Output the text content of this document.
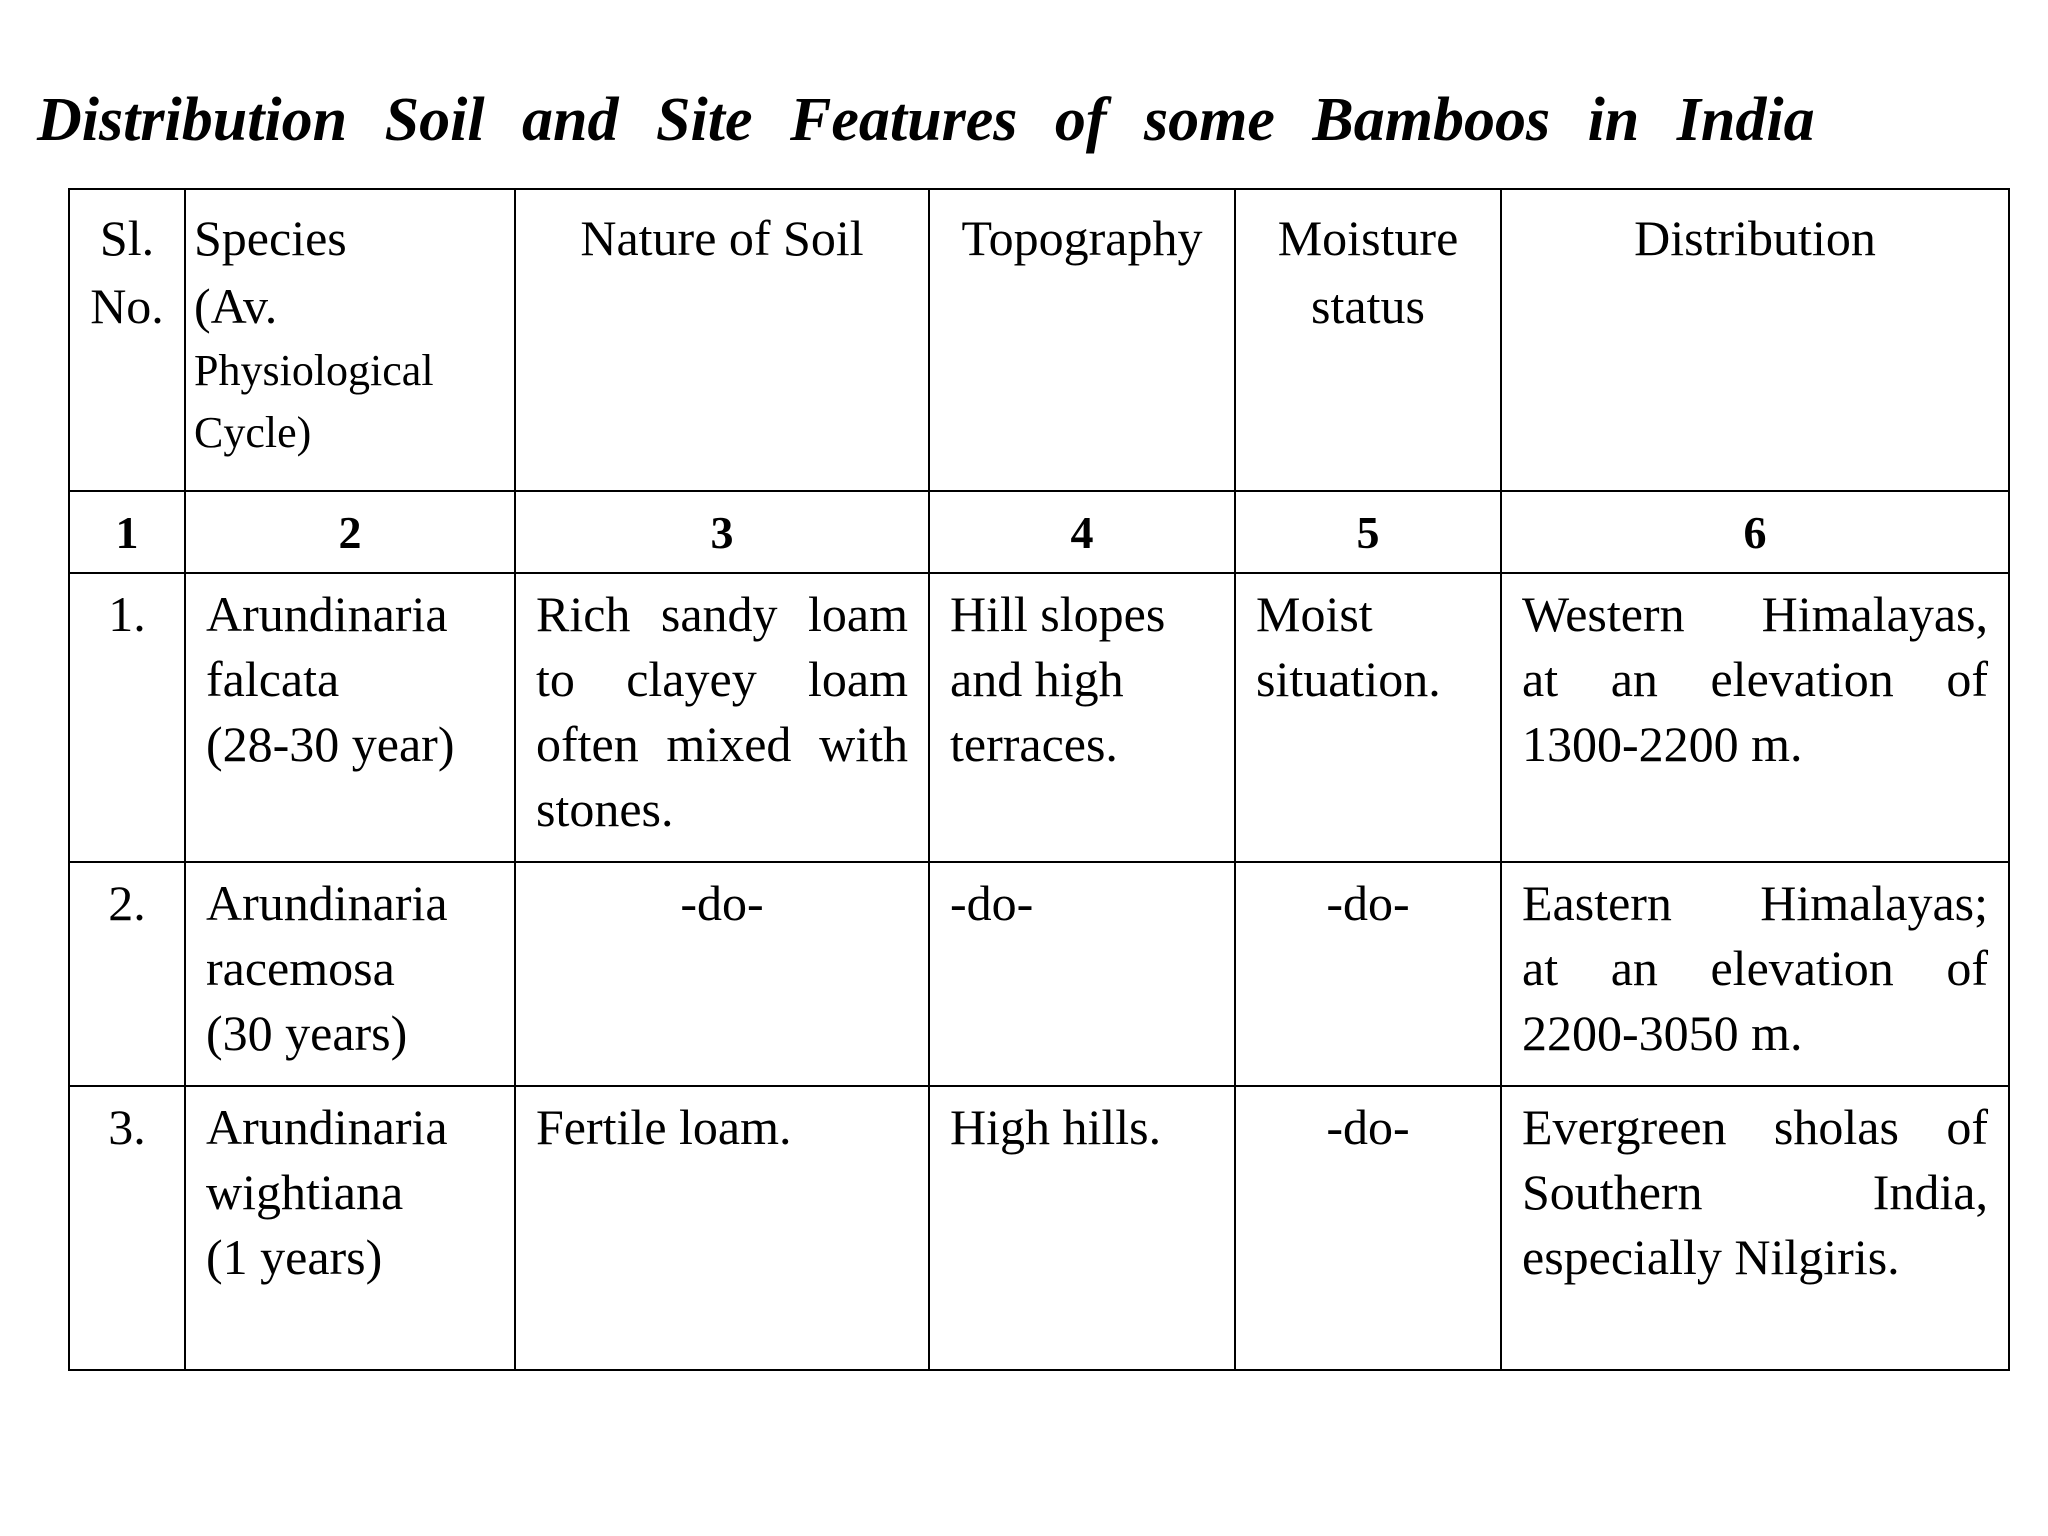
Distribution Soil and Site Features of some Bamboos in India
Sl. No.	Species
(Av.
Physiological
Cycle)	Nature of Soil	Topography	Moisture status	Distribution
1	2	3	4	5	6
1.	Arundinaria
falcata
(28-30 year)	Rich sandy loam to clayey loam often mixed with stones.	Hill slopes and high terraces.	Moist situation.	Western Himalayas,
at an elevation of
1300-2200 m.

2.	Arundinaria
racemosa
(30 years)	-do-	-do-	-do-	Eastern Himalayas;
at an elevation of
2200-3050 m.

3.	Arundinaria
wightiana
(1 years)	Fertile loam.	High hills.	-do-	Evergreen sholas of
Southern India,
especially Nilgiris.
